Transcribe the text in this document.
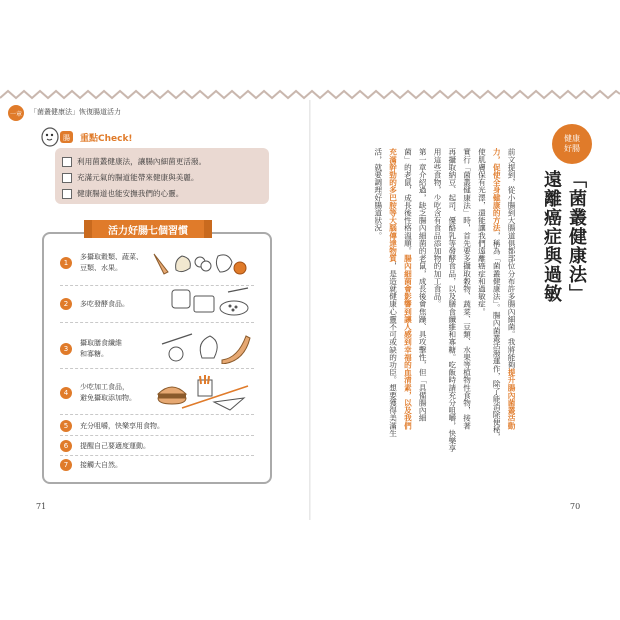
一章 「菌叢健康法」恢復腸道活力
腸 重點Check!
利用菌叢健康法，讓腸內細菌更活潑。
充滿元氣的腸道能帶來健康與美麗。
健康腸道也能安撫我們的心靈。
活力好腸七個習慣
1
多攝取穀類、蔬菜、
豆類、水果。
2	多吃發酵食品。
3
攝取膳食纖維
和寡糖。
4
少吃加工食品，
避免攝取添加物。
5	充分咀嚼，快樂享用食物。
6	提醒自己要適度運動。
7	接觸大自然。
71
健康
好腸
「菌叢健康法」
遠離癌症與過敏
前文提到，從小腸到大腸道俱都部位分布許多腸內細菌。我將能夠提升腸內菌叢活動
力，促使全身健康的方法，稱為「菌叢健康法」。腸內菌叢活潑運作，除了能消除便秘，
使肌膚保有光澤，還能讓我們遠離癌症和過敏症。
實行「菌叢健康法」時，首先要多攝取穀物、蔬菜、豆類、水果等植物性食物，接著
再攝取納豆、起司、優酪乳等發酵食品，以及膳食纖維和寡糖。吃飯時請充分咀嚼，快樂享
用這些食物，少吃含有食品添加物的加工食品。
第一章介紹過，缺乏腸內細菌的老鼠，成長後會焦躁、具攻擊性，但「具備腸內細
菌」的老鼠，成長後性格溫順。腸內細菌會影響到讓人感到幸福的血清素，以及我們
充滿幹勁的多巴胺等大腦傳達物質，是造就健康心靈不可或缺的功臣。想要獲得美滿生
活，就要調理好腸道狀況。
70
